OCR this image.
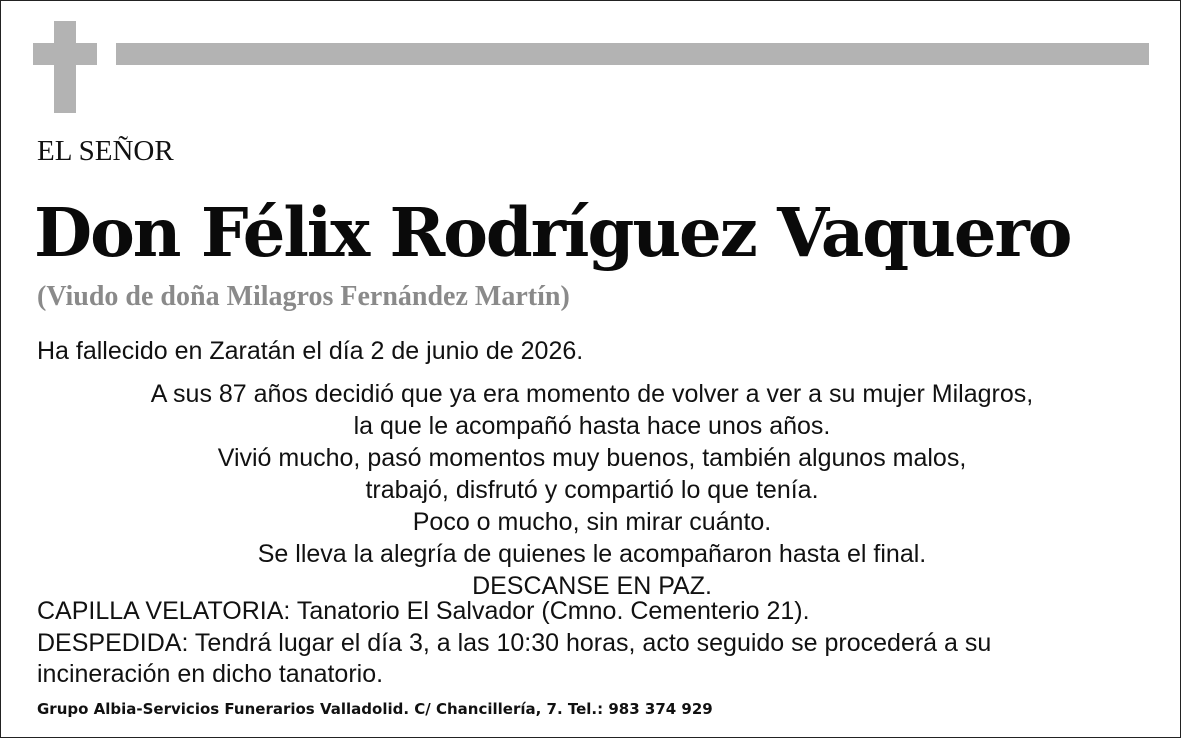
EL SEÑOR
Don Félix Rodríguez Vaquero
(Viudo de doña Milagros Fernández Martín)
Ha fallecido en Zaratán el día 2 de junio de 2026.
A sus 87 años decidió que ya era momento de volver a ver a su mujer Milagros,
la que le acompañó hasta hace unos años.
Vivió mucho, pasó momentos muy buenos, también algunos malos,
trabajó, disfrutó y compartió lo que tenía.
Poco o mucho, sin mirar cuánto.
Se lleva la alegría de quienes le acompañaron hasta el final.
DESCANSE EN PAZ.
CAPILLA VELATORIA: Tanatorio El Salvador (Cmno. Cementerio 21).
DESPEDIDA: Tendrá lugar el día 3, a las 10:30 horas, acto seguido se procederá a su
incineración en dicho tanatorio.
Grupo Albia-Servicios Funerarios Valladolid. C/ Chancillería, 7. Tel.: 983 374 929
